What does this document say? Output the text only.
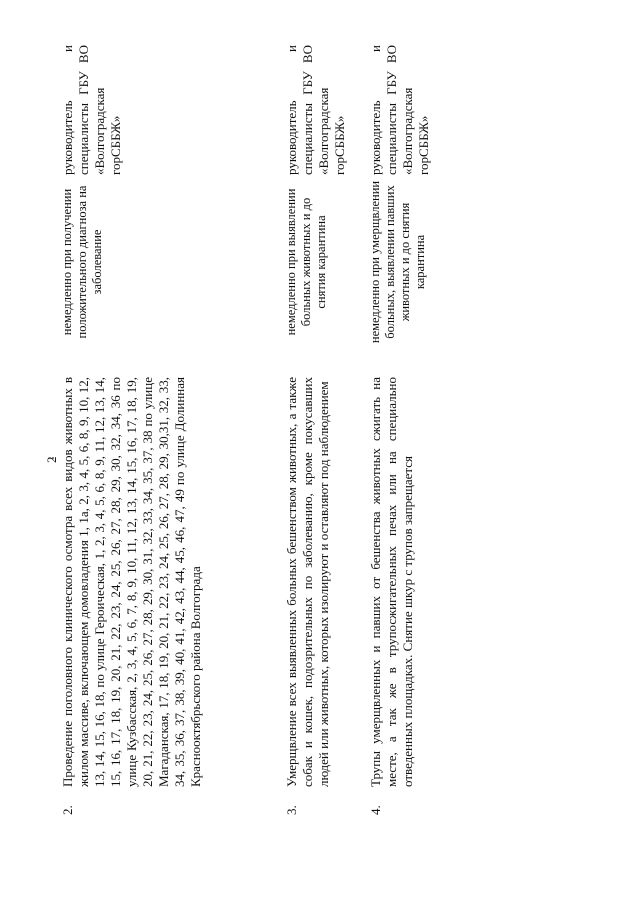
2
2.

Проведение поголовного клинического осмотра всех видов животных в жилом массиве, включающем домовладения 1, 1а, 2, 3, 4, 5, 6, 8, 9, 10, 12, 13, 14, 15, 16, 18, по улице Героическая, 1, 2, 3, 4, 5, 6, 8, 9, 11, 12, 13, 14, 15, 16, 17, 18, 19, 20, 21, 22, 23, 24, 25, 26, 27, 28, 29, 30, 32, 34, 36 по улице Кузбасская, 2, 3, 4, 5, 6, 7, 8, 9, 10, 11, 12, 13, 14, 15, 16, 17, 18, 19, 20, 21, 22, 23, 24, 25, 26, 27, 28, 29, 30, 31, 32, 33, 34, 35, 37, 38 по улице Магаданская, 17, 18, 19, 20, 21, 22, 23, 24, 25, 26, 27, 28, 29, 30,31, 32, 33, 34, 35, 36, 37, 38, 39, 40, 41, 42, 43, 44, 45, 46, 47, 49 по улице Долинная Краснооктябрьского района Волгограда

немедленно при получении положительного диагноза на заболевание

руководитель и специалисты ГБУ ВО «Волгоградская горСББЖ»

3.

Умерщвление всех выявленных больных бешенством животных, а также собак и кошек, подозрительных по заболеванию, кроме покусавших людей или животных, которых изолируют и оставляют под наблюдением

немедленно при выявлении больных животных и до снятия карантина

руководитель и специалисты ГБУ ВО «Волгоградская горСББЖ»

4.

Трупы умерщвленных и павших от бешенства животных сжигать на месте, а так же в трупосжигательных печах или на специально отведенных площадках. Снятие шкур с трупов запрещается

немедленно при умерщвлении больных, выявлении павших животных и до снятия карантина

руководитель и специалисты ГБУ ВО «Волгоградская горСББЖ»
